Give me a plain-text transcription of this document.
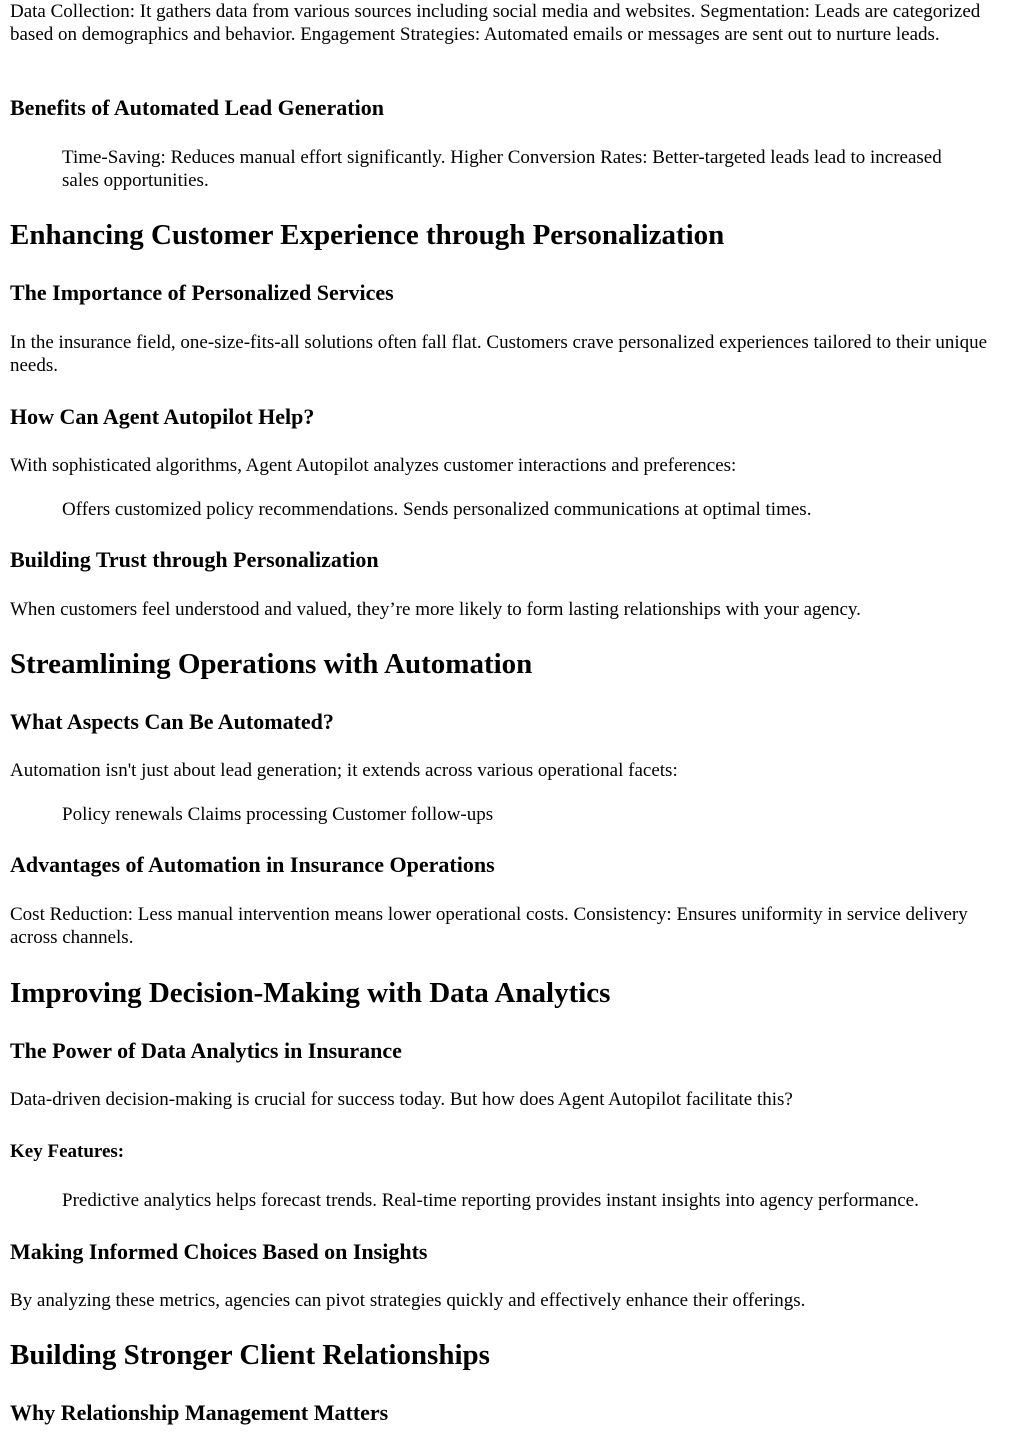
Data Collection: It gathers data from various sources including social media and websites. Segmentation: Leads are categorized based on demographics and behavior. Engagement Strategies: Automated emails or messages are sent out to nurture leads.

Benefits of Automated Lead Generation

Time-Saving: Reduces manual effort significantly. Higher Conversion Rates: Better-targeted leads lead to increased sales opportunities.

Enhancing Customer Experience through Personalization
The Importance of Personalized Services

In the insurance field, one-size-fits-all solutions often fall flat. Customers crave personalized experiences tailored to their unique needs.

How Can Agent Autopilot Help?

With sophisticated algorithms, Agent Autopilot analyzes customer interactions and preferences:

Offers customized policy recommendations. Sends personalized communications at optimal times.

Building Trust through Personalization

When customers feel understood and valued, they’re more likely to form lasting relationships with your agency.

Streamlining Operations with Automation
What Aspects Can Be Automated?

Automation isn't just about lead generation; it extends across various operational facets:

Policy renewals Claims processing Customer follow-ups

Advantages of Automation in Insurance Operations

Cost Reduction: Less manual intervention means lower operational costs. Consistency: Ensures uniformity in service delivery across channels.

Improving Decision-Making with Data Analytics
The Power of Data Analytics in Insurance

Data-driven decision-making is crucial for success today. But how does Agent Autopilot facilitate this?

Key Features:

Predictive analytics helps forecast trends. Real-time reporting provides instant insights into agency performance.

Making Informed Choices Based on Insights

By analyzing these metrics, agencies can pivot strategies quickly and effectively enhance their offerings.

Building Stronger Client Relationships
Why Relationship Management Matters
